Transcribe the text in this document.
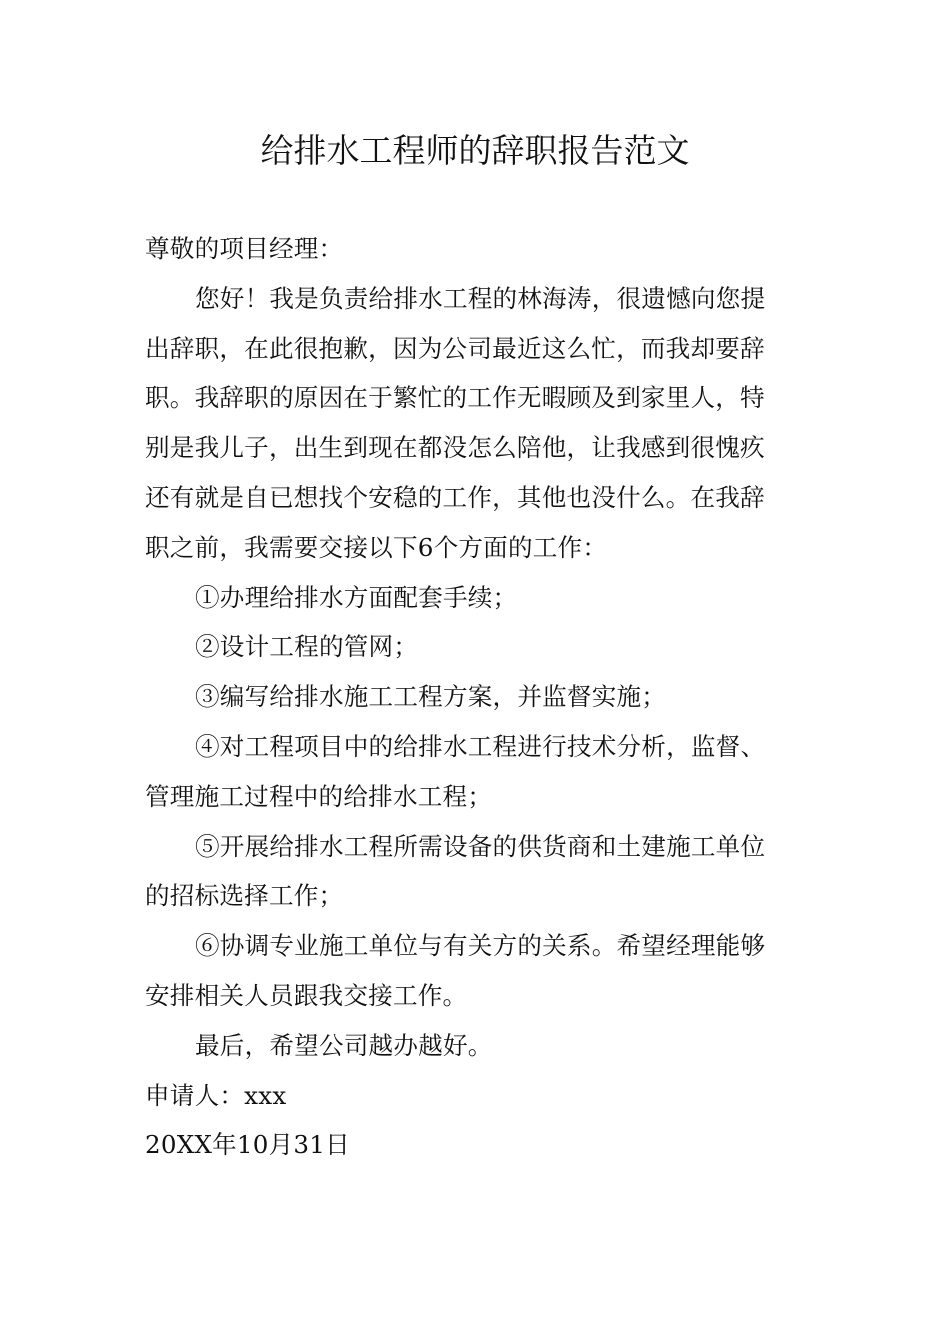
给排水工程师的辞职报告范文

尊敬的项目经理：

您好！我是负责给排水工程的林海涛，很遗憾向您提

出辞职，在此很抱歉，因为公司最近这么忙，而我却要辞

职。我辞职的原因在于繁忙的工作无暇顾及到家里人，特

别是我儿子，出生到现在都没怎么陪他，让我感到很愧疚

还有就是自已想找个安稳的工作，其他也没什么。在我辞

职之前，我需要交接以下6个方面的工作：

①办理给排水方面配套手续；

②设计工程的管网；

③编写给排水施工工程方案，并监督实施；

④对工程项目中的给排水工程进行技术分析，监督、

管理施工过程中的给排水工程；

⑤开展给排水工程所需设备的供货商和土建施工单位

的招标选择工作；

⑥协调专业施工单位与有关方的关系。希望经理能够

安排相关人员跟我交接工作。

最后，希望公司越办越好。

申请人：xxx

20XX年10月31日
